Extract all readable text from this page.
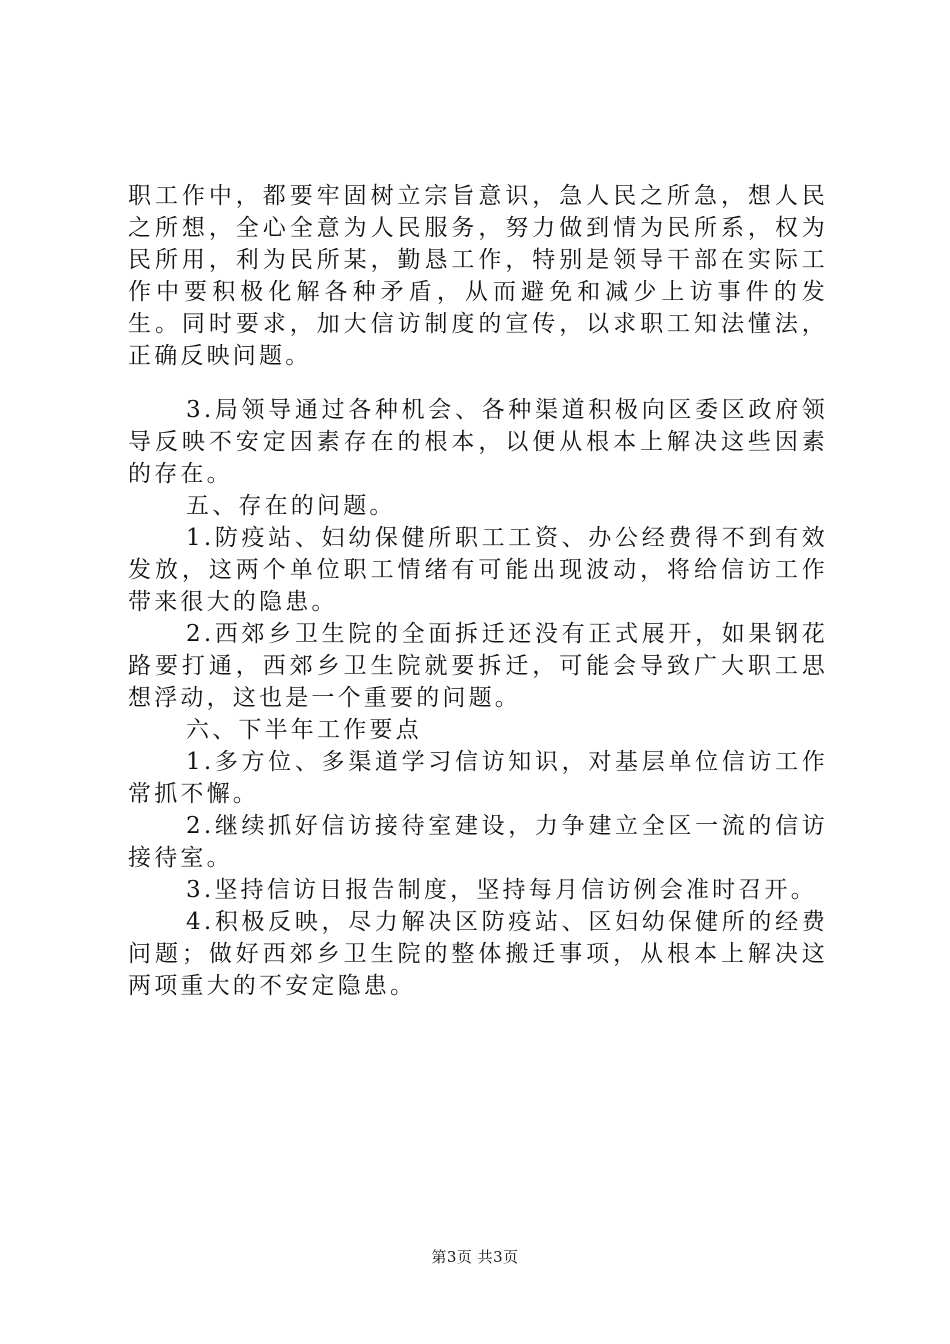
职工作中，都要牢固树立宗旨意识，急人民之所急，想人民之所想，全心全意为人民服务，努力做到情为民所系，权为民所用，利为民所某，勤恳工作，特别是领导干部在实际工作中要积极化解各种矛盾，从而避免和减少上访事件的发生。同时要求，加大信访制度的宣传，以求职工知法懂法，正确反映问题。

3.局领导通过各种机会、各种渠道积极向区委区政府领导反映不安定因素存在的根本，以便从根本上解决这些因素的存在。

五、存在的问题。

1.防疫站、妇幼保健所职工工资、办公经费得不到有效发放，这两个单位职工情绪有可能出现波动，将给信访工作带来很大的隐患。

2.西郊乡卫生院的全面拆迁还没有正式展开，如果钢花路要打通，西郊乡卫生院就要拆迁，可能会导致广大职工思想浮动，这也是一个重要的问题。

六、下半年工作要点

1.多方位、多渠道学习信访知识，对基层单位信访工作常抓不懈。

2.继续抓好信访接待室建设，力争建立全区一流的信访接待室。

3.坚持信访日报告制度，坚持每月信访例会准时召开。

4.积极反映，尽力解决区防疫站、区妇幼保健所的经费问题；做好西郊乡卫生院的整体搬迁事项，从根本上解决这两项重大的不安定隐患。

第3页 共3页
